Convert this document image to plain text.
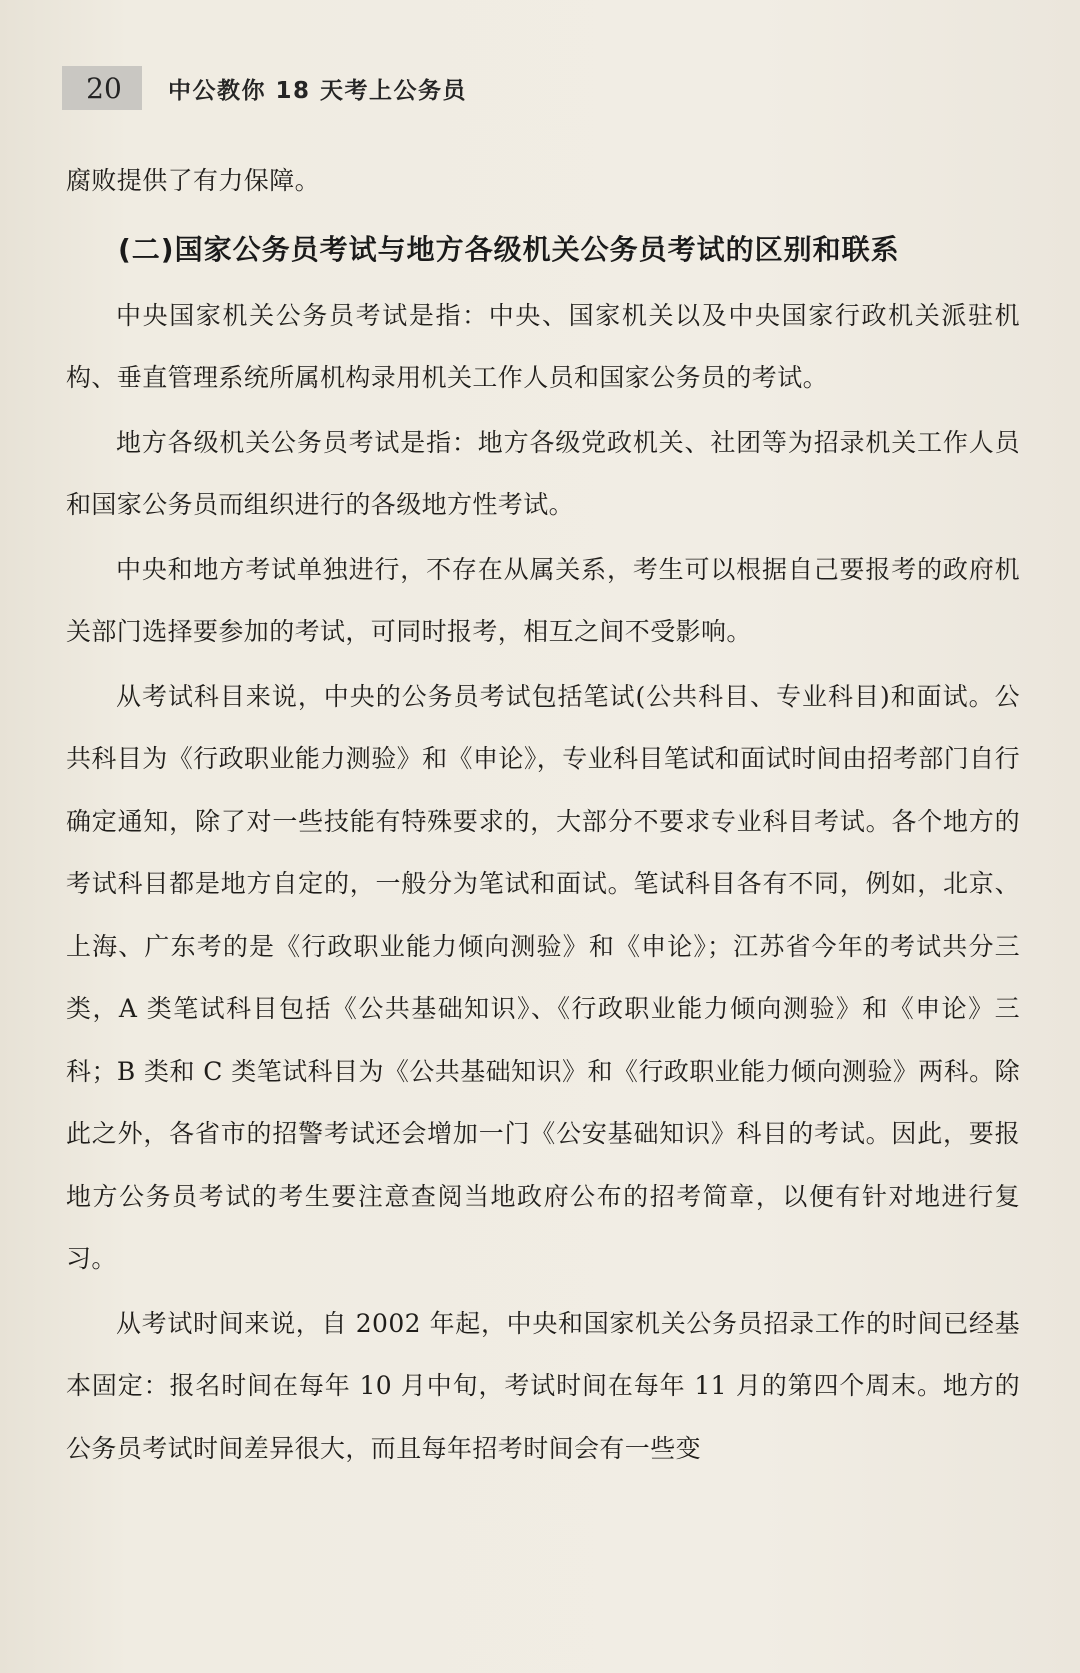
20	中公教你 18 天考上公务员

腐败提供了有力保障。

(二)国家公务员考试与地方各级机关公务员考试的区别和联系

中央国家机关公务员考试是指：中央、国家机关以及中央国家行政机关派驻机构、垂直管理系统所属机构录用机关工作人员和国家公务员的考试。

地方各级机关公务员考试是指：地方各级党政机关、社团等为招录机关工作人员和国家公务员而组织进行的各级地方性考试。

中央和地方考试单独进行，不存在从属关系，考生可以根据自己要报考的政府机关部门选择要参加的考试，可同时报考，相互之间不受影响。

从考试科目来说，中央的公务员考试包括笔试(公共科目、专业科目)和面试。公共科目为《行政职业能力测验》和《申论》，专业科目笔试和面试时间由招考部门自行确定通知，除了对一些技能有特殊要求的，大部分不要求专业科目考试。各个地方的考试科目都是地方自定的，一般分为笔试和面试。笔试科目各有不同，例如，北京、上海、广东考的是《行政职业能力倾向测验》和《申论》；江苏省今年的考试共分三类，A 类笔试科目包括《公共基础知识》、《行政职业能力倾向测验》和《申论》三科；B 类和 C 类笔试科目为《公共基础知识》和《行政职业能力倾向测验》两科。除此之外，各省市的招警考试还会增加一门《公安基础知识》科目的考试。因此，要报地方公务员考试的考生要注意查阅当地政府公布的招考简章，以便有针对地进行复习。

从考试时间来说，自 2002 年起，中央和国家机关公务员招录工作的时间已经基本固定：报名时间在每年 10 月中旬，考试时间在每年 11 月的第四个周末。地方的公务员考试时间差异很大，而且每年招考时间会有一些变
